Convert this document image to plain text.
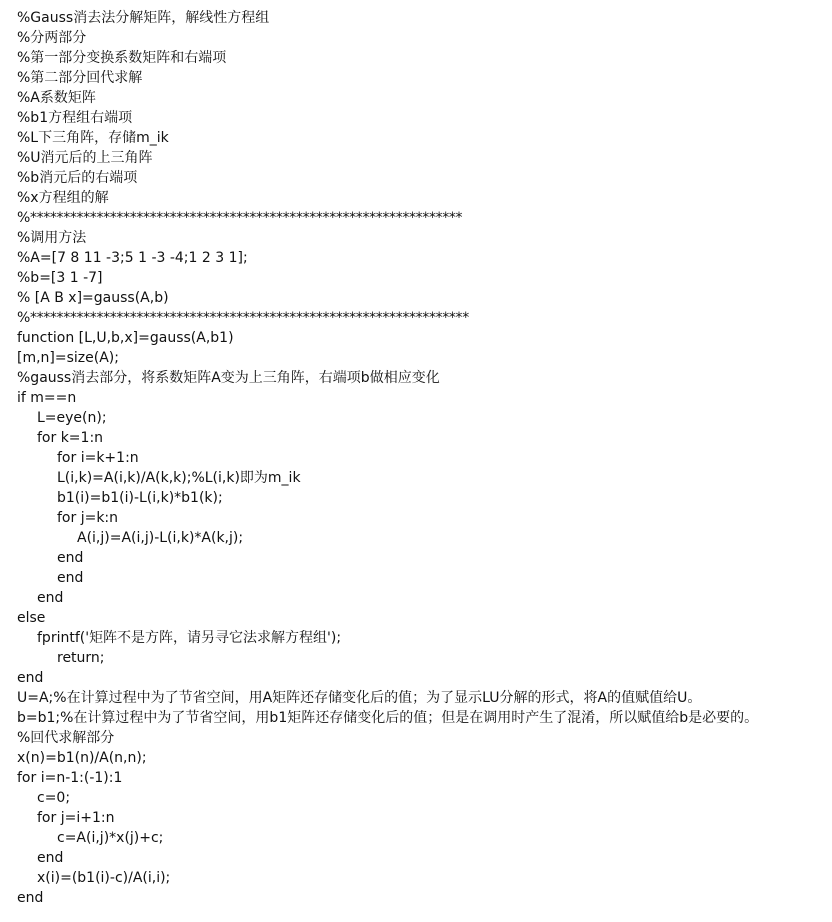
%Gauss消去法分解矩阵，解线性方程组
%分两部分
%第一部分变换系数矩阵和右端项
%第二部分回代求解
%A系数矩阵
%b1方程组右端项
%L下三角阵，存储m_ik
%U消元后的上三角阵
%b消元后的右端项
%x方程组的解
%*****************************************************************
%调用方法
%A=[7 8 11 -3;5 1 -3 -4;1 2 3 1];
%b=[3 1 -7]
% [A B x]=gauss(A,b)
%******************************************************************
function [L,U,b,x]=gauss(A,b1)
[m,n]=size(A);
%gauss消去部分，将系数矩阵A变为上三角阵，右端项b做相应变化
if m==n
L=eye(n);
for k=1:n
for i=k+1:n
L(i,k)=A(i,k)/A(k,k);%L(i,k)即为m_ik
b1(i)=b1(i)-L(i,k)*b1(k);
for j=k:n
A(i,j)=A(i,j)-L(i,k)*A(k,j);
end
end
end
else
fprintf('矩阵不是方阵，请另寻它法求解方程组');
return;
end
U=A;%在计算过程中为了节省空间，用A矩阵还存储变化后的值；为了显示LU分解的形式，将A的值赋值给U。
b=b1;%在计算过程中为了节省空间，用b1矩阵还存储变化后的值；但是在调用时产生了混淆，所以赋值给b是必要的。
%回代求解部分
x(n)=b1(n)/A(n,n);
for i=n-1:(-1):1
c=0;
for j=i+1:n
c=A(i,j)*x(j)+c;
end
x(i)=(b1(i)-c)/A(i,i);
end
